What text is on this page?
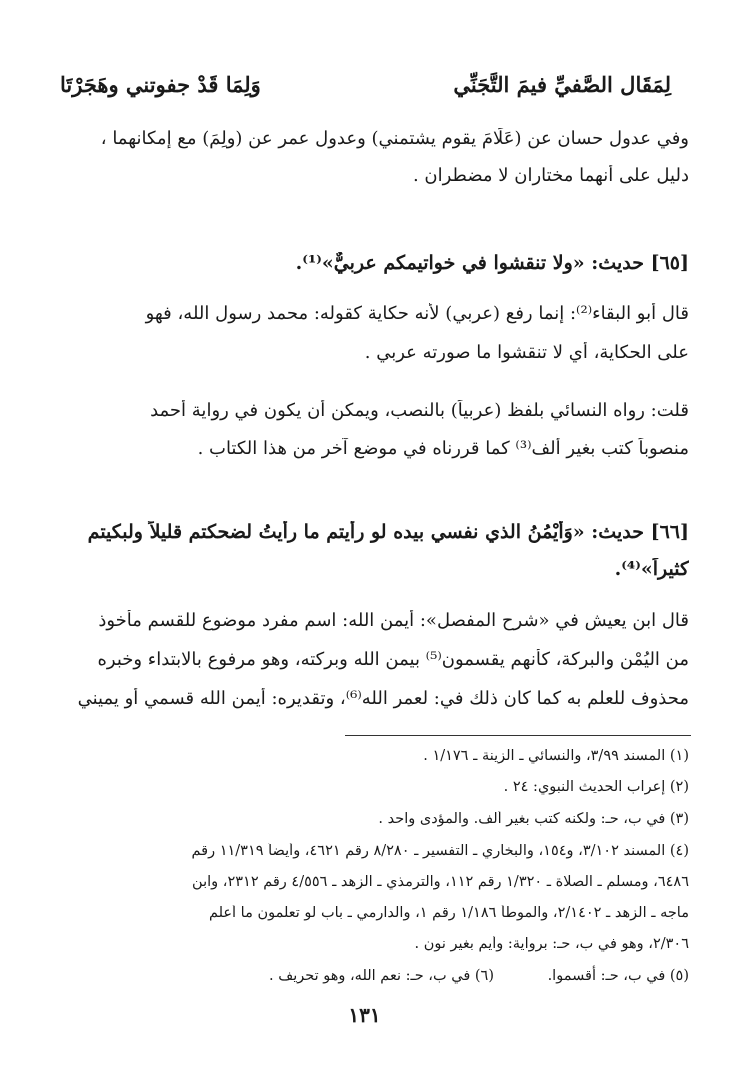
لِمَقَال الصَّفيِّ فيمَ التَّجَنِّي
وَلِمَا قَدْ جفوتني وهَجَرْتَا
وفي عدول حسان عن (عَلَامَ يقوم يشتمني) وعدول عمر عن (ولِمَ) مع إمكانهما ،
دليل على أنهما مختاران لا مضطران .
[٦٥] حديث: «ولا تنقشوا في خواتيمكم عربيٌّ»⁽¹⁾.
قال أبو البقاء⁽²⁾: إنما رفع (عربي) لأنه حكاية كقوله: محمد رسول الله، فهو
على الحكاية، أي لا تنقشوا ما صورته عربي .
قلت: رواه النسائي بلفظ (عربياً) بالنصب، ويمكن أن يكون في رواية أحمد
منصوباً كتب بغير ألف⁽³⁾ كما قررناه في موضع آخر من هذا الكتاب .
[٦٦] حديث: «وَأَيْمُنُ الذي نفسي بيده لو رأيتم ما رأيتُ لضحكتم قليلاً ولبكيتم
كثيراً»⁽⁴⁾.
قال ابن يعيش في «شرح المفصل»: أيمن الله: اسم مفرد موضوع للقسم مأخوذ
من اليُمْن والبركة، كأنهم يقسمون⁽⁵⁾ بيمن الله وبركته، وهو مرفوع بالابتداء وخبره
محذوف للعلم به كما كان ذلك في: لعمر الله⁽⁶⁾، وتقديره: أيمن الله قسمي أو يميني
(١) المسند ٣/٩٩، والنسائي ـ الزينة ـ ١/١٧٦ .
(٢) إعراب الحديث النبوي: ٢٤ .
(٣) في ب، حـ: ولكنه كتب بغير ألف. والمؤدى واحد .
(٤) المسند ٣/١٠٢، و١٥٤، والبخاري ـ التفسير ـ ٨/٢٨٠ رقم ٤٦٢١، وأيضاً ١١/٣١٩ رقم
٦٤٨٦، ومسلم ـ الصلاة ـ ١/٣٢٠ رقم ١١٢، والترمذي ـ الزهد ـ ٤/٥٥٦ رقم ٢٣١٢، وابن
ماجه ـ الزهد ـ ٢/١٤٠٢، والموطأ ١/١٨٦ رقم ١، والدارمي ـ باب لو تعلمون ما أعلم
٢/٣٠٦، وهو في ب، حـ: برواية: وأيم بغير نون .
(٥) في ب، حـ: أقسموا.
(٦) في ب، حـ: نعم الله، وهو تحريف .
١٣١
